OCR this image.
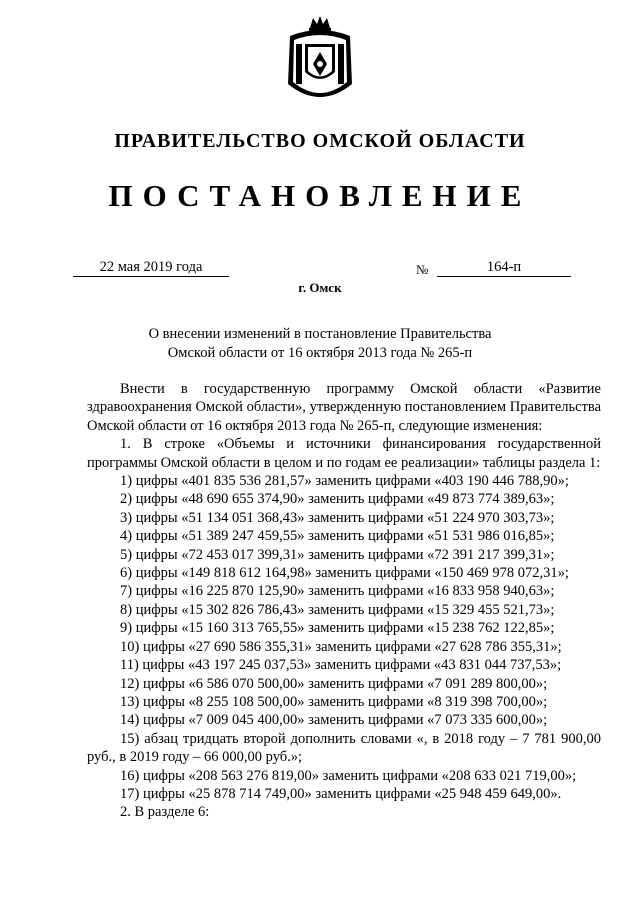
ПРАВИТЕЛЬСТВО ОМСКОЙ ОБЛАСТИ
ПОСТАНОВЛЕНИЕ
22 мая 2019 года	№	164-п
г. Омск
О внесении изменений в постановление Правительства
Омской области от 16 октября 2013 года № 265-п

Внести в государственную программу Омской области «Развитие здравоохранения Омской области», утвержденную постановлением Правительства Омской области от 16 октября 2013 года № 265-п, следующие изменения:

1. В строке «Объемы и источники финансирования государственной программы Омской области в целом и по годам ее реализации» таблицы раздела 1:

1) цифры «401 835 536 281,57» заменить цифрами «403 190 446 788,90»;

2) цифры «48 690 655 374,90» заменить цифрами «49 873 774 389,63»;

3) цифры «51 134 051 368,43» заменить цифрами «51 224 970 303,73»;

4) цифры «51 389 247 459,55» заменить цифрами «51 531 986 016,85»;

5) цифры «72 453 017 399,31» заменить цифрами «72 391 217 399,31»;

6) цифры «149 818 612 164,98» заменить цифрами «150 469 978 072,31»;

7) цифры «16 225 870 125,90» заменить цифрами «16 833 958 940,63»;

8) цифры «15 302 826 786,43» заменить цифрами «15 329 455 521,73»;

9) цифры «15 160 313 765,55» заменить цифрами «15 238 762 122,85»;

10) цифры «27 690 586 355,31» заменить цифрами «27 628 786 355,31»;

11) цифры «43 197 245 037,53» заменить цифрами «43 831 044 737,53»;

12) цифры «6 586 070 500,00» заменить цифрами «7 091 289 800,00»;

13) цифры «8 255 108 500,00» заменить цифрами «8 319 398 700,00»;

14) цифры «7 009 045 400,00» заменить цифрами «7 073 335 600,00»;

15) абзац тридцать второй дополнить словами «, в 2018 году – 7 781 900,00 руб., в 2019 году – 66 000,00 руб.»;

16) цифры «208 563 276 819,00» заменить цифрами «208 633 021 719,00»;

17) цифры «25 878 714 749,00» заменить цифрами «25 948 459 649,00».

2. В разделе 6:
